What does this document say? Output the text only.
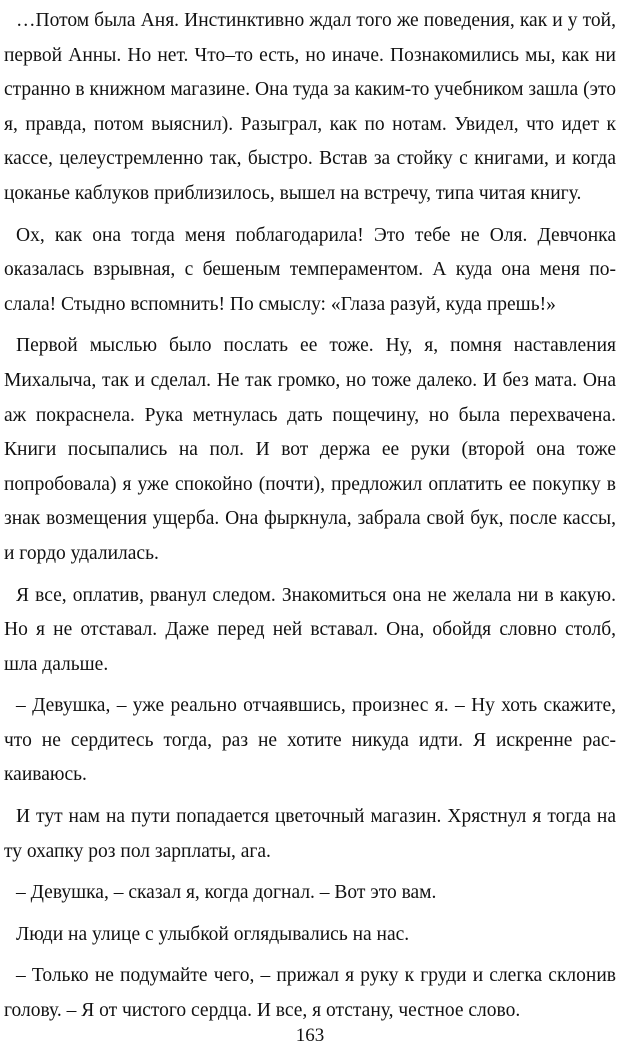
…Потом была Аня. Инстинктивно ждал того же поведения, как и у той, первой Анны. Но нет. Что–то есть, но иначе. Познакомились мы, как ни странно в книжном магазине. Она туда за каким-то учебником зашла (это я, правда, потом выяснил). Разыграл, как по нотам. Увидел, что идет к кассе, целеустремленно так, быстро. Встав за стойку с книгами, и когда цоканье каблуков приблизилось, вышел на встречу, типа читая книгу.

Ох, как она тогда меня поблагодарила! Это тебе не Оля. Девчонка оказалась взрывная, с бешеным темпераментом. А куда она меня послала! Стыдно вспомнить! По смыслу: «Глаза разуй, куда прешь!»

Первой мыслью было послать ее тоже. Ну, я, помня наставления Михалыча, так и сделал. Не так громко, но тоже далеко. И без мата. Она аж покраснела. Рука метнулась дать пощечину, но была перехвачена. Книги посыпались на пол. И вот держа ее руки (второй она тоже попробовала) я уже спокойно (почти), предложил оплатить ее покупку в знак возмещения ущерба. Она фыркнула, забрала свой бук, после кассы, и гордо удалилась.

Я все, оплатив, рванул следом. Знакомиться она не желала ни в какую. Но я не отставал. Даже перед ней вставал. Она, обойдя словно столб, шла дальше.

– Девушка, – уже реально отчаявшись, произнес я. – Ну хоть скажите, что не сердитесь тогда, раз не хотите никуда идти. Я искренне раскаиваюсь.

И тут нам на пути попадается цветочный магазин. Хрястнул я тогда на ту охапку роз пол зарплаты, ага.

– Девушка, – сказал я, когда догнал. – Вот это вам.

Люди на улице с улыбкой оглядывались на нас.

– Только не подумайте чего, – прижал я руку к груди и слегка склонив голову. – Я от чистого сердца. И все, я отстану, честное слово.

163
